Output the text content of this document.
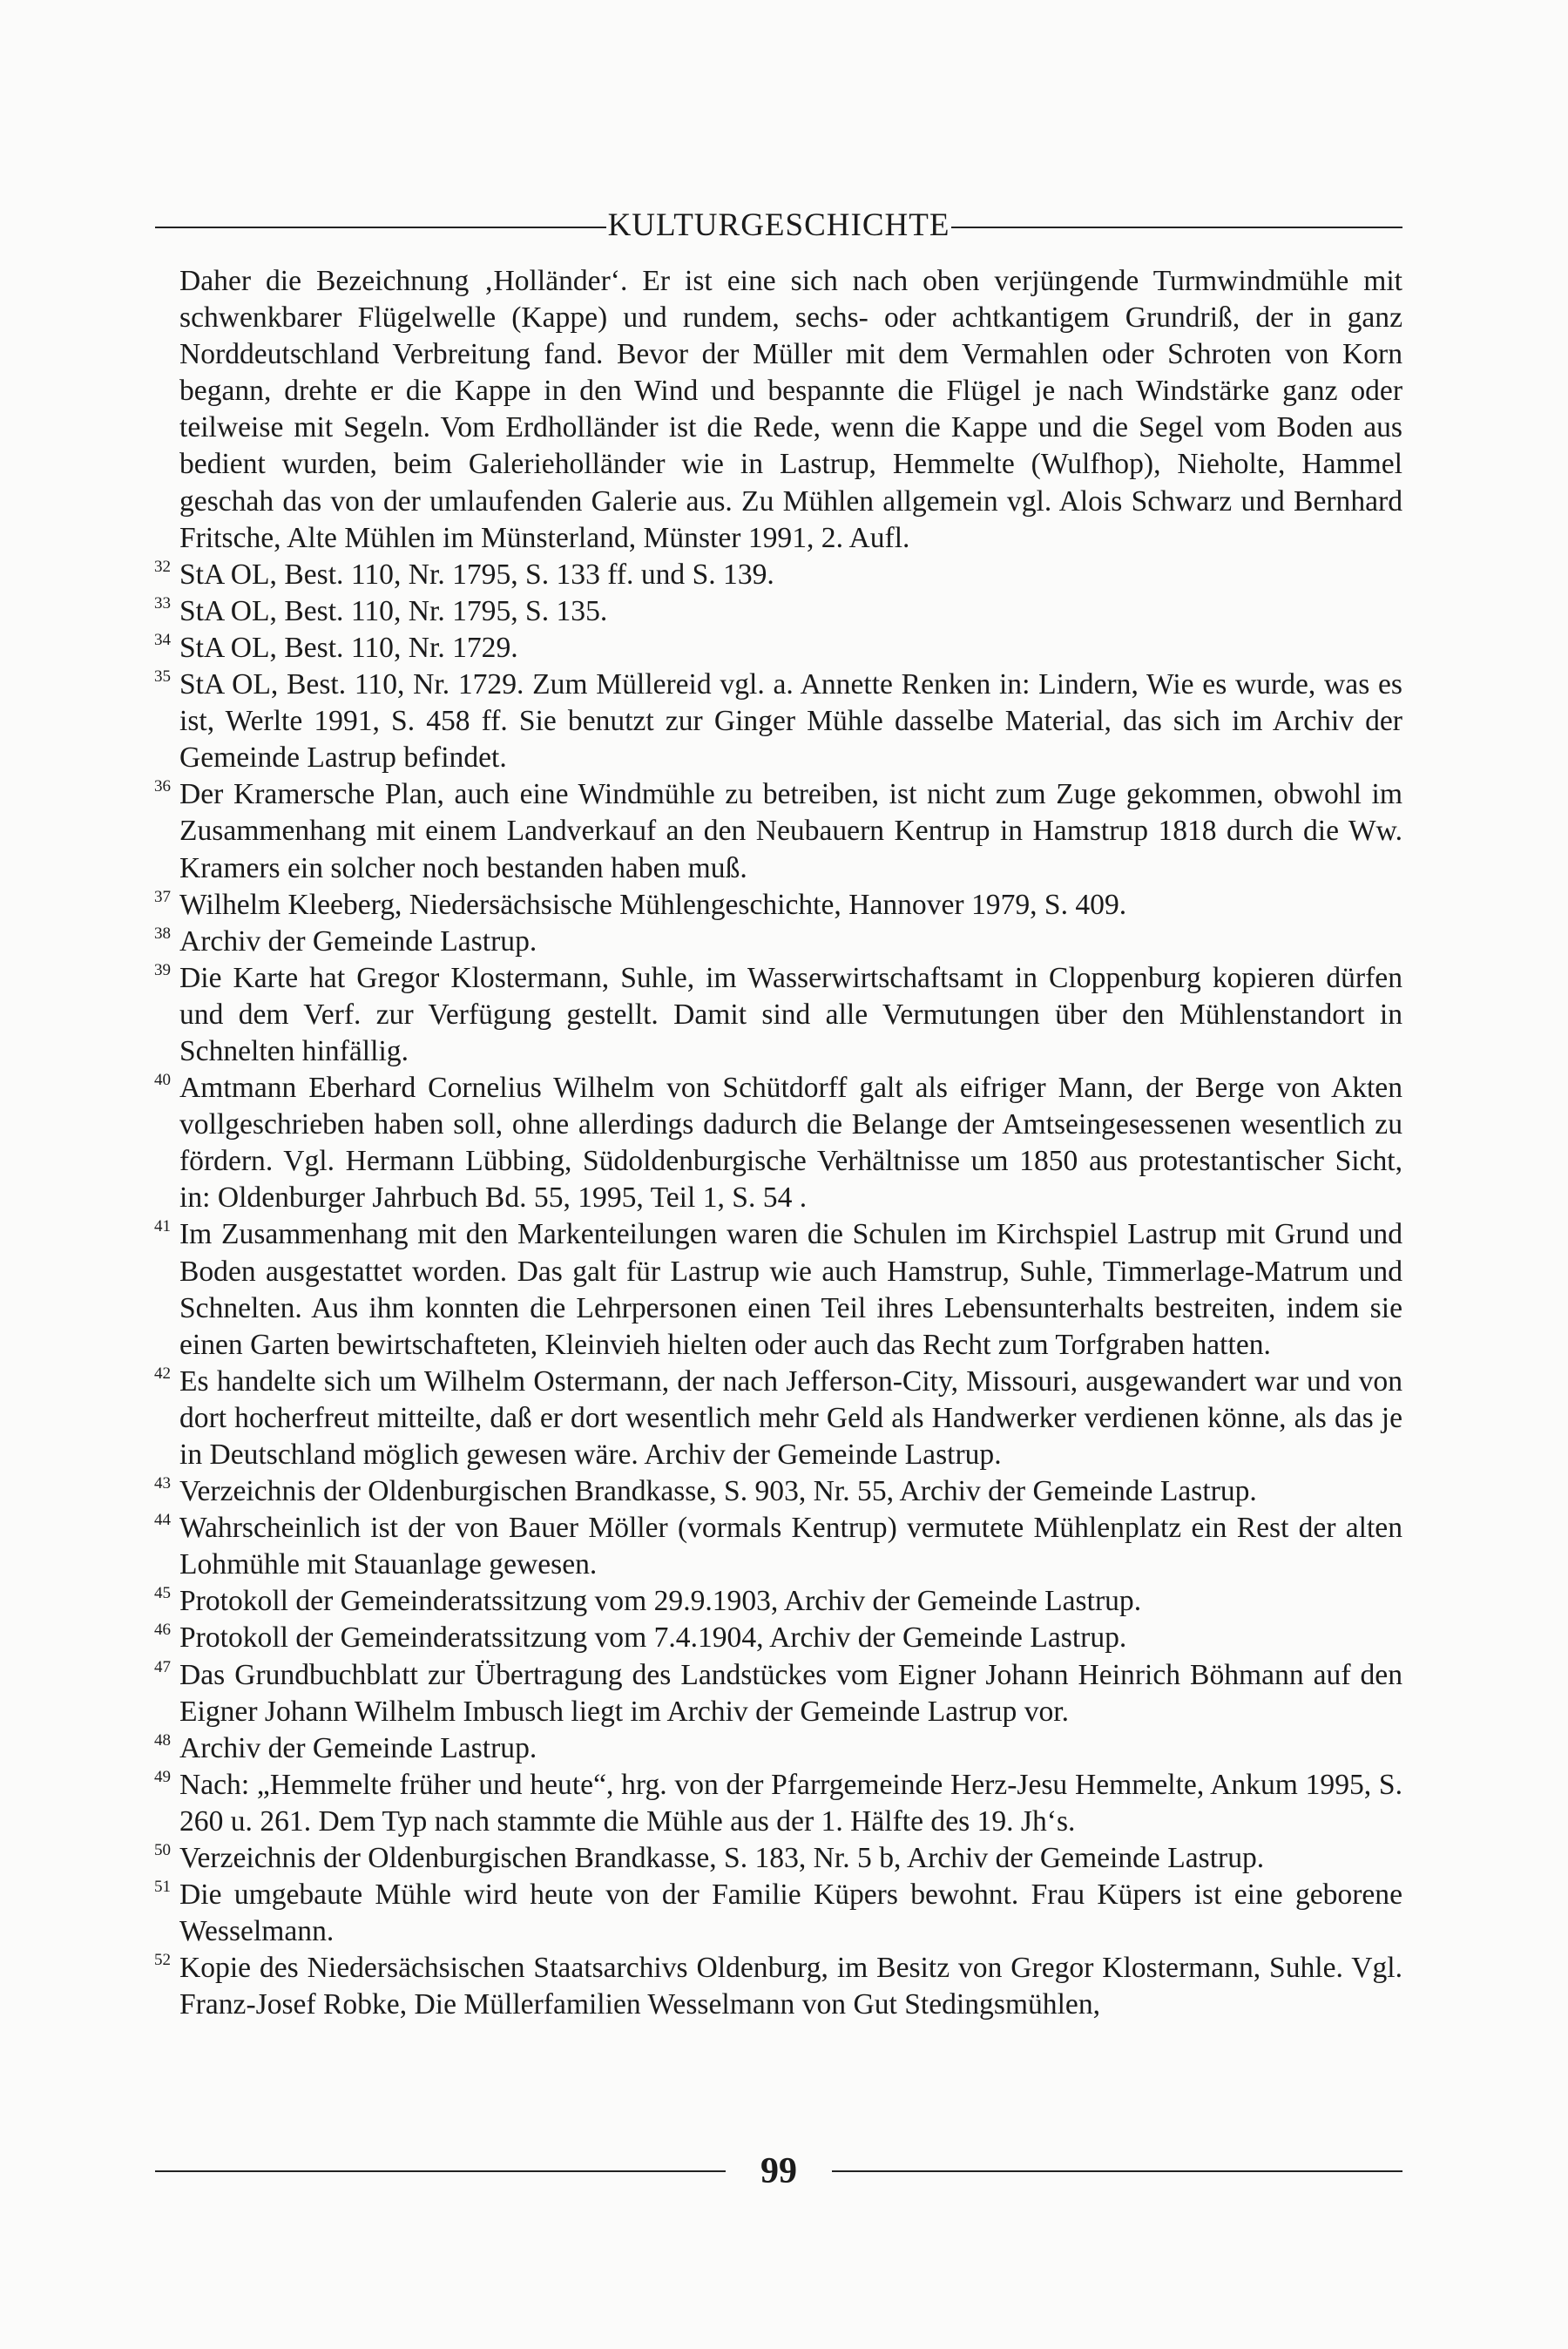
KULTURGESCHICHTE
Daher die Bezeichnung ‚Holländer‘. Er ist eine sich nach oben verjüngende Turmwindmühle mit schwenkbarer Flügelwelle (Kappe) und rundem, sechs- oder achtkantigem Grundriß, der in ganz Norddeutschland Verbreitung fand. Bevor der Müller mit dem Vermahlen oder Schroten von Korn begann, drehte er die Kappe in den Wind und bespannte die Flügel je nach Windstärke ganz oder teilweise mit Segeln. Vom Erdholländer ist die Rede, wenn die Kappe und die Segel vom Boden aus bedient wurden, beim Galerieholländer wie in Lastrup, Hemmelte (Wulfhop), Nieholte, Hammel geschah das von der umlaufenden Galerie aus. Zu Mühlen allgemein vgl. Alois Schwarz und Bernhard Fritsche, Alte Mühlen im Münsterland, Münster 1991, 2. Aufl.
32 StA OL, Best. 110, Nr. 1795, S. 133 ff. und S. 139.
33 StA OL, Best. 110, Nr. 1795, S. 135.
34 StA OL, Best. 110, Nr. 1729.
35 StA OL, Best. 110, Nr. 1729. Zum Müllereid vgl. a. Annette Renken in: Lindern, Wie es wurde, was es ist, Werlte 1991, S. 458 ff. Sie benutzt zur Ginger Mühle dasselbe Material, das sich im Archiv der Gemeinde Lastrup befindet.
36 Der Kramersche Plan, auch eine Windmühle zu betreiben, ist nicht zum Zuge gekommen, obwohl im Zusammenhang mit einem Landverkauf an den Neubauern Kentrup in Hamstrup 1818 durch die Ww. Kramers ein solcher noch bestanden haben muß.
37 Wilhelm Kleeberg, Niedersächsische Mühlengeschichte, Hannover 1979, S. 409.
38 Archiv der Gemeinde Lastrup.
39 Die Karte hat Gregor Klostermann, Suhle, im Wasserwirtschaftsamt in Cloppenburg kopieren dürfen und dem Verf. zur Verfügung gestellt. Damit sind alle Vermutungen über den Mühlenstandort in Schnelten hinfällig.
40 Amtmann Eberhard Cornelius Wilhelm von Schütdorff galt als eifriger Mann, der Berge von Akten vollgeschrieben haben soll, ohne allerdings dadurch die Belange der Amtseingesessenen wesentlich zu fördern. Vgl. Hermann Lübbing, Südoldenburgische Verhältnisse um 1850 aus protestantischer Sicht, in: Oldenburger Jahrbuch Bd. 55, 1995, Teil 1, S. 54 .
41 Im Zusammenhang mit den Markenteilungen waren die Schulen im Kirchspiel Lastrup mit Grund und Boden ausgestattet worden. Das galt für Lastrup wie auch Hamstrup, Suhle, Timmerlage-Matrum und Schnelten. Aus ihm konnten die Lehrpersonen einen Teil ihres Lebensunterhalts bestreiten, indem sie einen Garten bewirtschafteten, Kleinvieh hielten oder auch das Recht zum Torfgraben hatten.
42 Es handelte sich um Wilhelm Ostermann, der nach Jefferson-City, Missouri, ausgewandert war und von dort hocherfreut mitteilte, daß er dort wesentlich mehr Geld als Handwerker verdienen könne, als das je in Deutschland möglich gewesen wäre. Archiv der Gemeinde Lastrup.
43 Verzeichnis der Oldenburgischen Brandkasse, S. 903, Nr. 55, Archiv der Gemeinde Lastrup.
44 Wahrscheinlich ist der von Bauer Möller (vormals Kentrup) vermutete Mühlenplatz ein Rest der alten Lohmühle mit Stauanlage gewesen.
45 Protokoll der Gemeinderatssitzung vom 29.9.1903, Archiv der Gemeinde Lastrup.
46 Protokoll der Gemeinderatssitzung vom 7.4.1904, Archiv der Gemeinde Lastrup.
47 Das Grundbuchblatt zur Übertragung des Landstückes vom Eigner Johann Heinrich Böhmann auf den Eigner Johann Wilhelm Imbusch liegt im Archiv der Gemeinde Lastrup vor.
48 Archiv der Gemeinde Lastrup.
49 Nach: „Hemmelte früher und heute“, hrg. von der Pfarrgemeinde Herz-Jesu Hemmelte, Ankum 1995, S. 260 u. 261. Dem Typ nach stammte die Mühle aus der 1. Hälfte des 19. Jh‘s.
50 Verzeichnis der Oldenburgischen Brandkasse, S. 183, Nr. 5 b, Archiv der Gemeinde Lastrup.
51 Die umgebaute Mühle wird heute von der Familie Küpers bewohnt. Frau Küpers ist eine geborene Wesselmann.
52 Kopie des Niedersächsischen Staatsarchivs Oldenburg, im Besitz von Gregor Klostermann, Suhle. Vgl. Franz-Josef Robke, Die Müllerfamilien Wesselmann von Gut Stedingsmühlen,
99
